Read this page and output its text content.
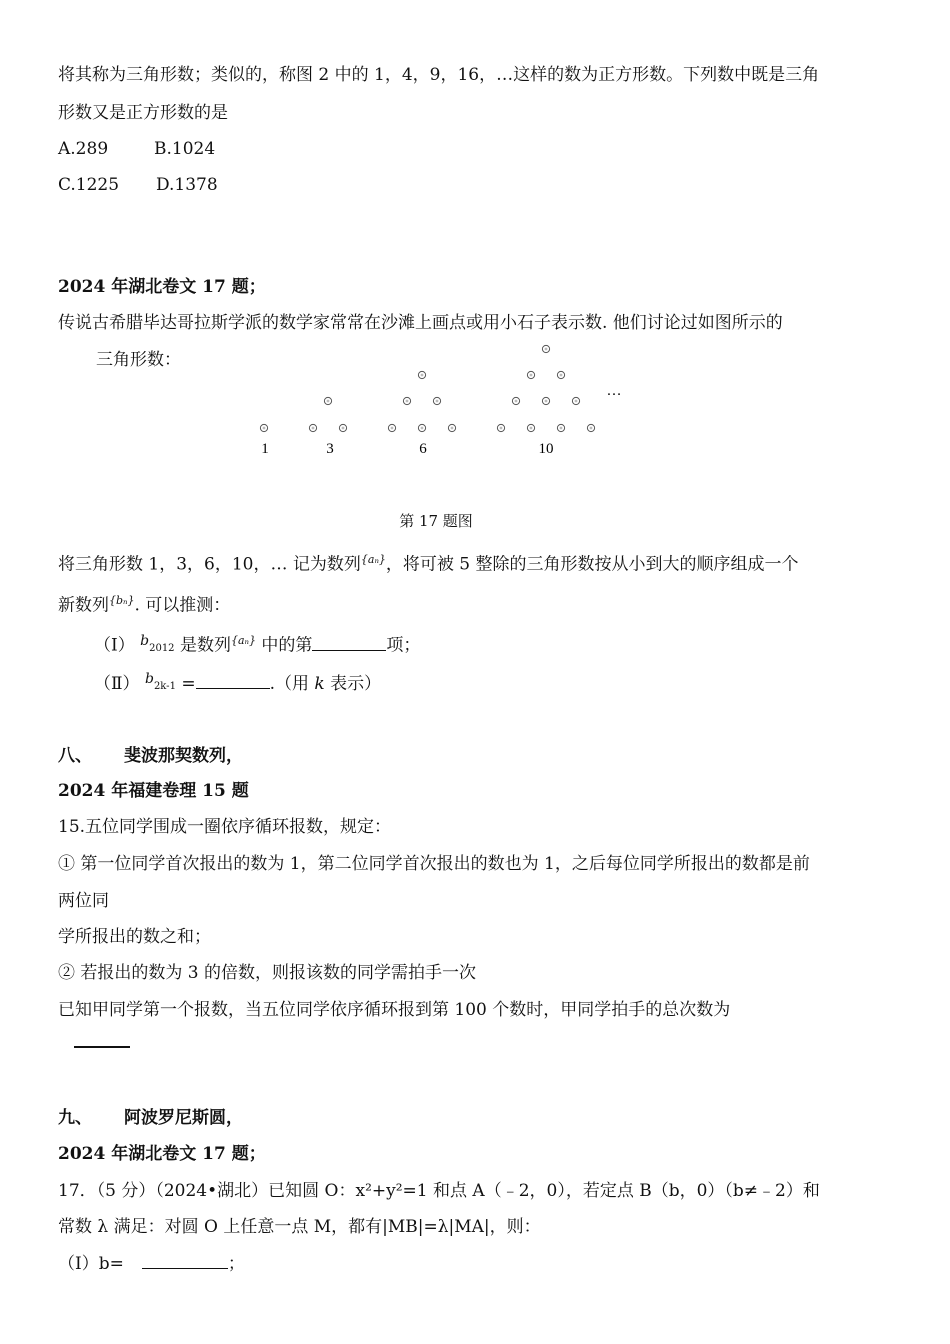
将其称为三角形数；类似的，称图 2 中的 1，4，9，16，…这样的数为正方形数。下列数中既是三角
形数又是正方形数的是
A.289	B.1024
C.1225 D.1378
2024 年湖北卷文 17 题；
传说古希腊毕达哥拉斯学派的数学家常常在沙滩上画点或用小石子表示数. 他们讨论过如图所示的
三角形数：
1	3	6	10
…
第 17 题图
将三角形数 1，3，6，10，… 记为数列$^{\{a_n\}}$，将可被 5 整除的三角形数按从小到大的顺序组成一个
新数列$^{\{b_n\}}$. 可以推测：
（Ⅰ） $^b_{2012}$ 是数列$^{\{a_n\}}$ 中的第	项；
（Ⅱ） $^b_{2k-1}$ =	.（用 k 表示）
八、 斐波那契数列，
2024 年福建卷理 15 题
15.五位同学围成一圈依序循环报数，规定：
① 第一位同学首次报出的数为 1，第二位同学首次报出的数也为 1，之后每位同学所报出的数都是前
两位同
学所报出的数之和；
② 若报出的数为 3 的倍数，则报该数的同学需拍手一次
已知甲同学第一个报数，当五位同学依序循环报到第 100 个数时，甲同学拍手的总次数为
九、 阿波罗尼斯圆，
2024 年湖北卷文 17 题；
17．（5 分）（2024•湖北）已知圆 O：x²+y²=1 和点 A（﹣2，0），若定点 B（b，0）（b≠﹣2）和
常数 λ 满足：对圆 O 上任意一点 M，都有|MB|=λ|MA|，则：
（Ⅰ）b=	；
